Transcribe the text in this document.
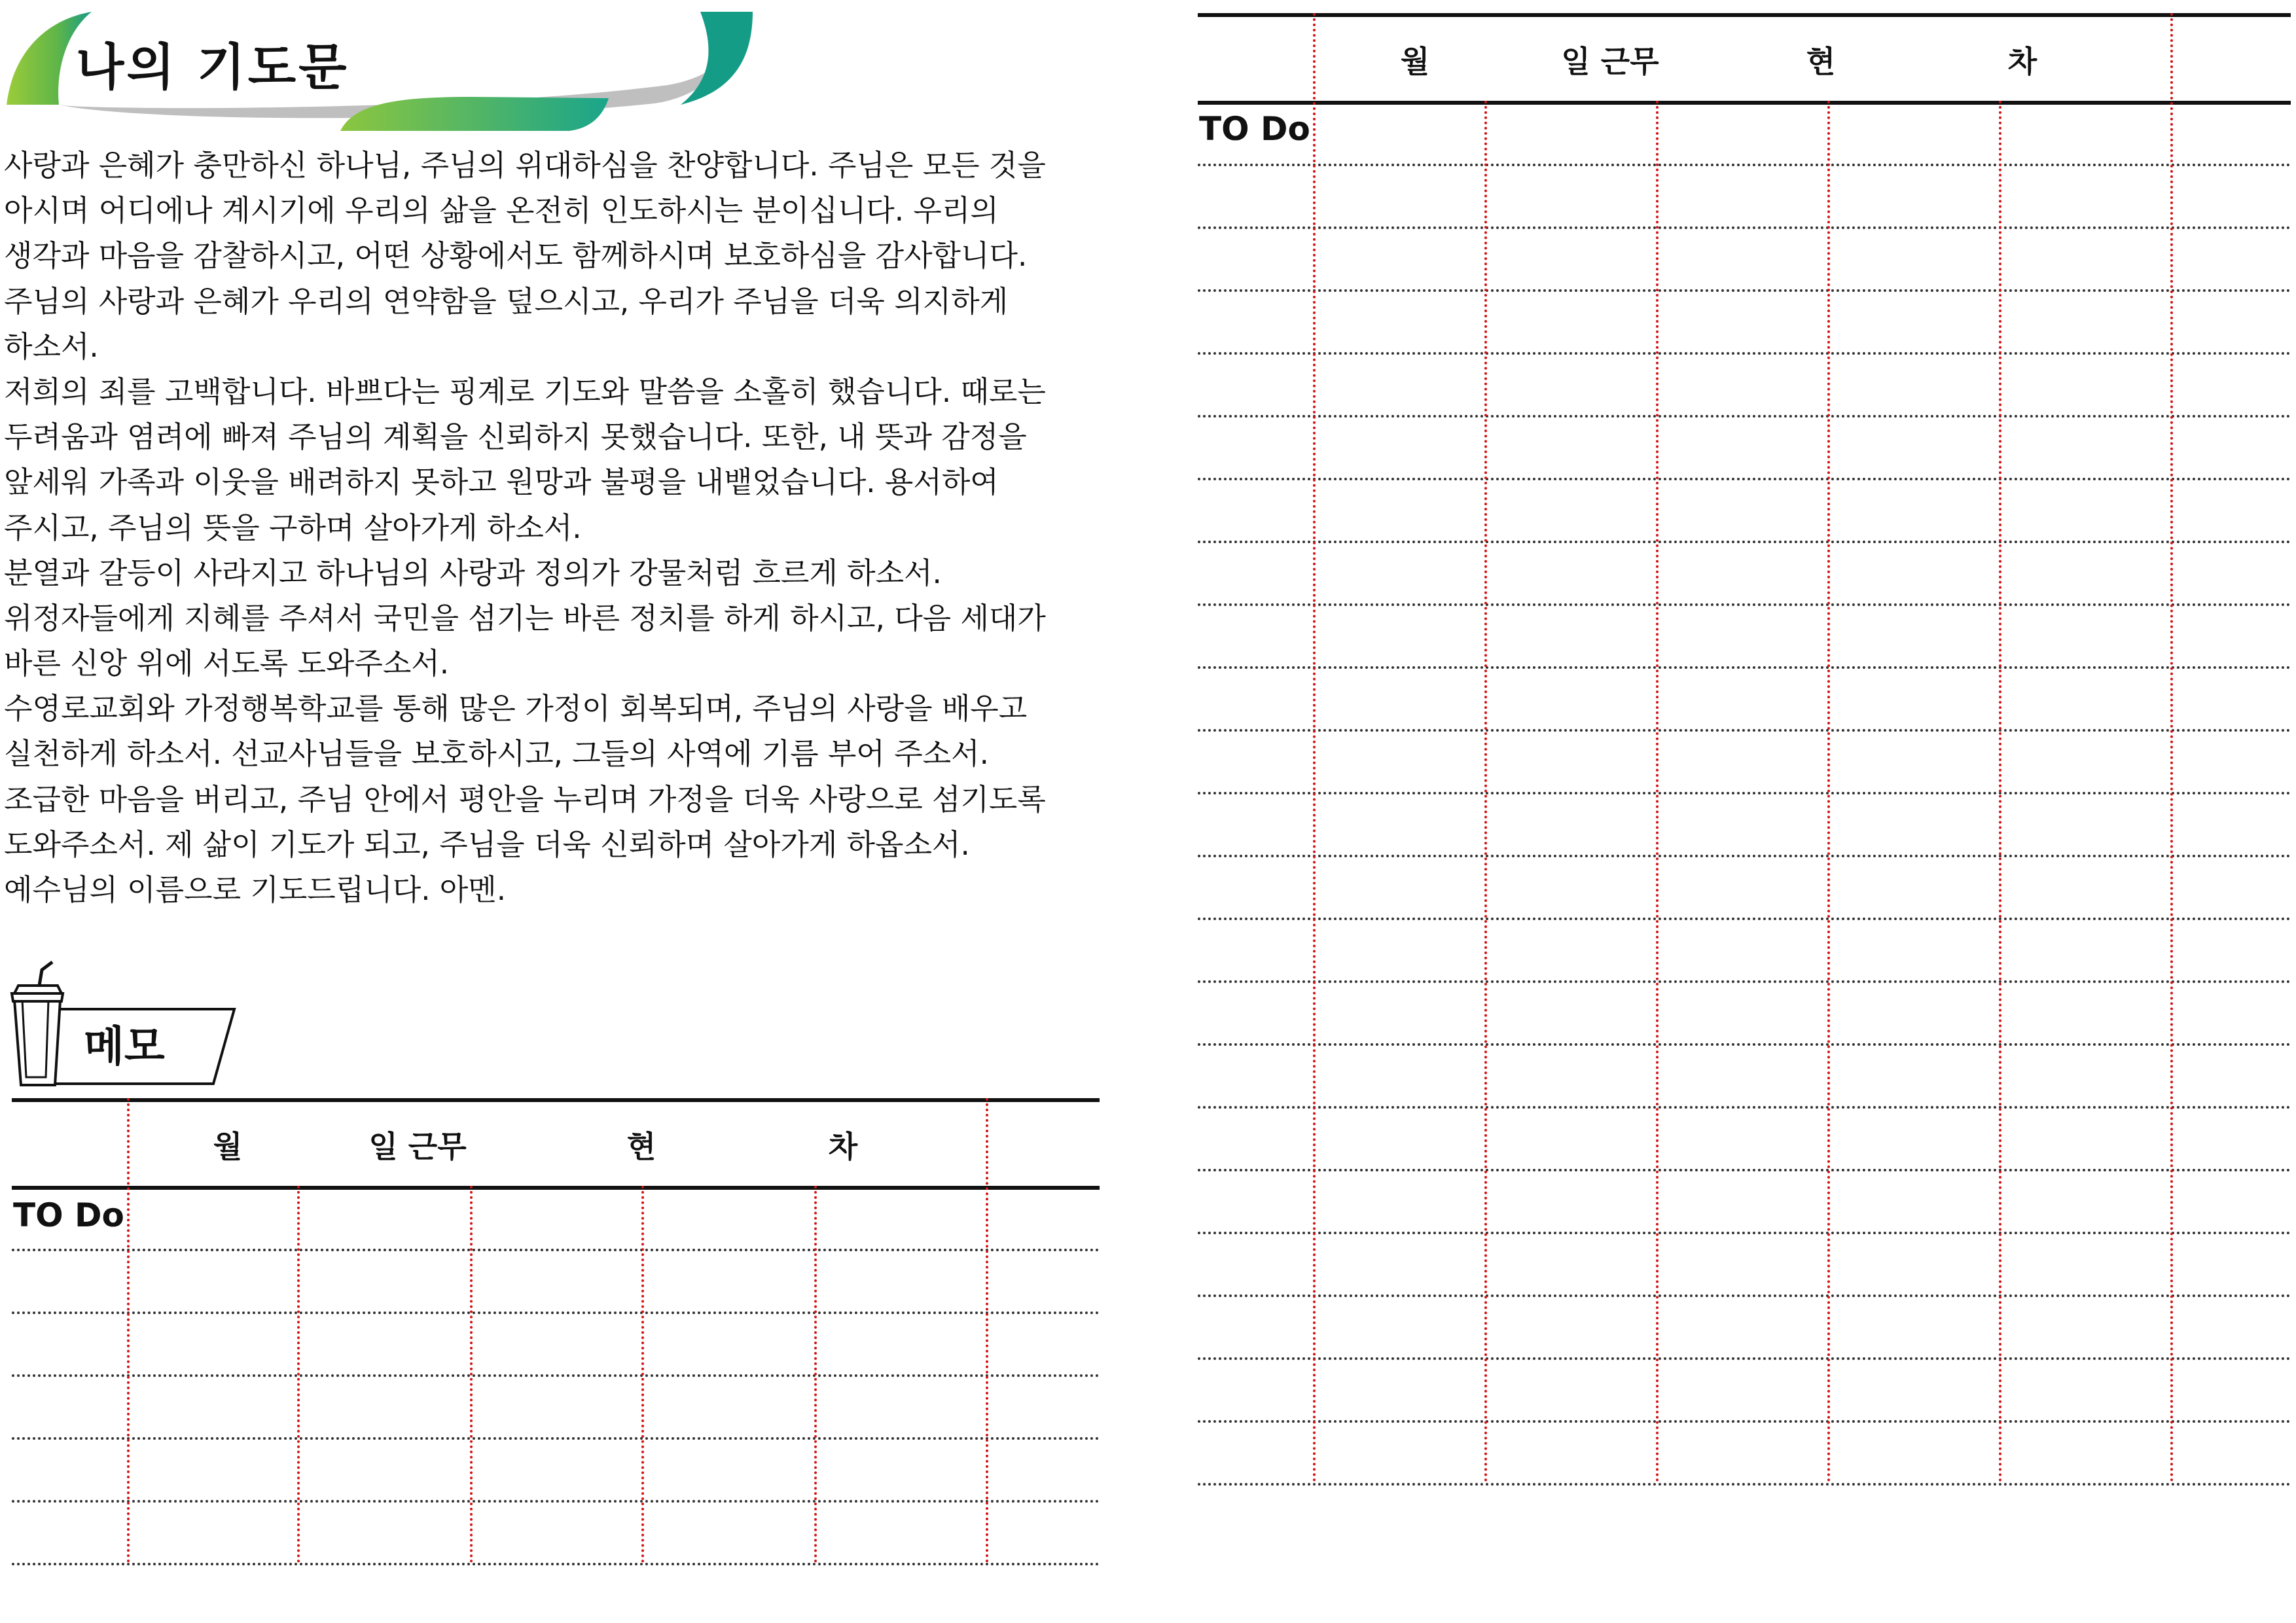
나의 기도문
사랑과 은혜가 충만하신 하나님, 주님의 위대하심을 찬양합니다. 주님은 모든 것을
아시며 어디에나 계시기에 우리의 삶을 온전히 인도하시는 분이십니다. 우리의
생각과 마음을 감찰하시고, 어떤 상황에서도 함께하시며 보호하심을 감사합니다.
주님의 사랑과 은혜가 우리의 연약함을 덮으시고, 우리가 주님을 더욱 의지하게
하소서.
저희의 죄를 고백합니다. 바쁘다는 핑계로 기도와 말씀을 소홀히 했습니다. 때로는
두려움과 염려에 빠져 주님의 계획을 신뢰하지 못했습니다. 또한, 내 뜻과 감정을
앞세워 가족과 이웃을 배려하지 못하고 원망과 불평을 내뱉었습니다. 용서하여
주시고, 주님의 뜻을 구하며 살아가게 하소서.
분열과 갈등이 사라지고 하나님의 사랑과 정의가 강물처럼 흐르게 하소서.
위정자들에게 지혜를 주셔서 국민을 섬기는 바른 정치를 하게 하시고, 다음 세대가
바른 신앙 위에 서도록 도와주소서.
수영로교회와 가정행복학교를 통해 많은 가정이 회복되며, 주님의 사랑을 배우고
실천하게 하소서. 선교사님들을 보호하시고, 그들의 사역에 기름 부어 주소서.
조급한 마음을 버리고, 주님 안에서 평안을 누리며 가정을 더욱 사랑으로 섬기도록
도와주소서. 제 삶이 기도가 되고, 주님을 더욱 신뢰하며 살아가게 하옵소서.
예수님의 이름으로 기도드립니다. 아멘.
메모
월	일 근무	현	차
TO Do
월	일 근무	현	차
TO Do
